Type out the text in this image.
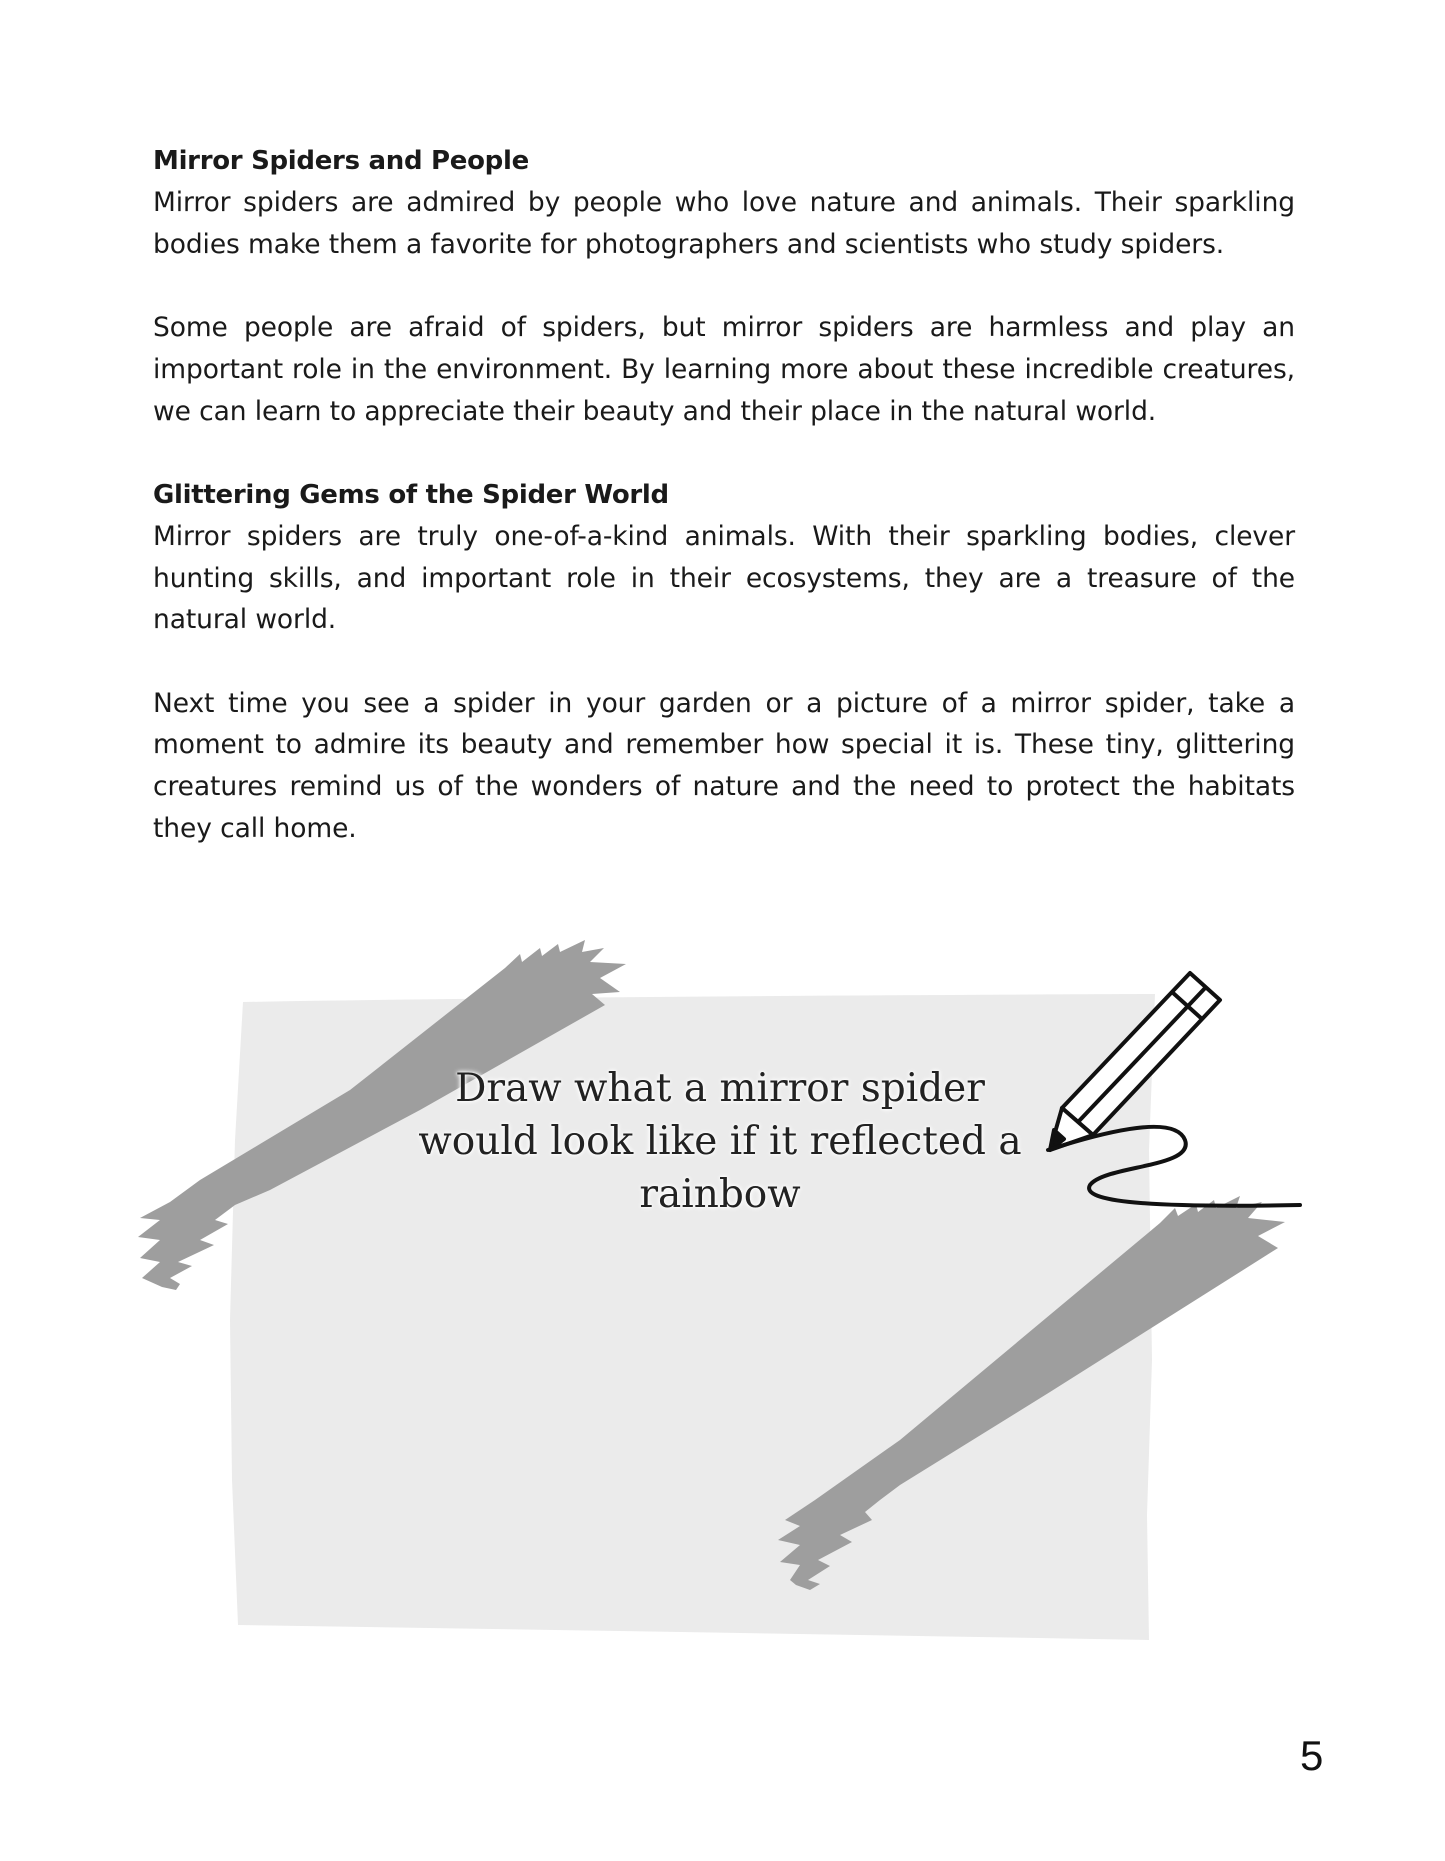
Mirror Spiders and People

Mirror spiders are admired by people who love nature and animals. Their sparkling bodies make them a favorite for photographers and scientists who study spiders.

Some people are afraid of spiders, but mirror spiders are harmless and play an important role in the environment. By learning more about these incredible creatures, we can learn to appreciate their beauty and their place in the natural world.

Glittering Gems of the Spider World

Mirror spiders are truly one-of-a-kind animals. With their sparkling bodies, clever hunting skills, and important role in their ecosystems, they are a treasure of the natural world.

Next time you see a spider in your garden or a picture of a mirror spider, take a moment to admire its beauty and remember how special it is. These tiny, glittering creatures remind us of the wonders of nature and the need to protect the habitats they call home.

Draw what a mirror spider
would look like if it reflected a
rainbow
5
